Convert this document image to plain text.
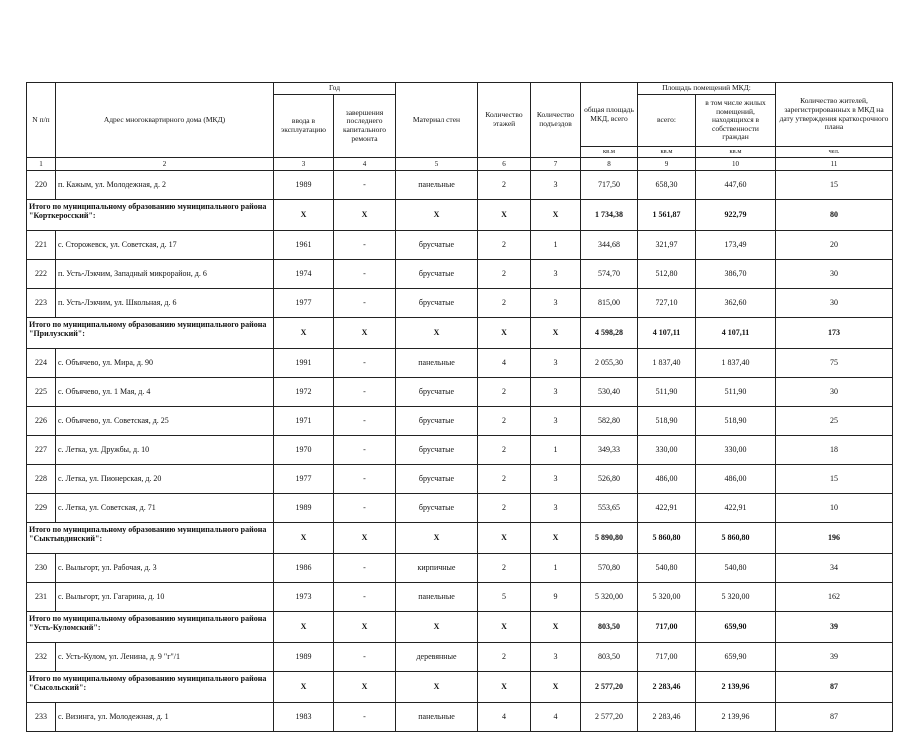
N п/п	Адрес многоквартирного дома (МКД)	Год		Материал стен	Количество этажей	Количество подъездов	общая площадь МКД, всего	Площадь помещений МКД:		Количество жителей, зарегистрированных в МКД на дату утверждения краткосрочного плана
		ввода в эксплуатацию	завершения последнего капитального ремонта					всего:	в том числе жилых помещений, находящихся в собственности граждан	
							кв.м	кв.м	кв.м	чел.
1	2	3	4	5	6	7	8	9	10	11
220	п. Кажым, ул. Молодежная, д. 2	1989	-	панельные	2	3	717,50	658,30	447,60	15
Итого по муниципальному образованию муниципального района "Корткеросский":		X	X	X	X	X	1 734,38	1 561,87	922,79	80
221	с. Сторожевск, ул. Советская, д. 17	1961	-	брусчатые	2	1	344,68	321,97	173,49	20
222	п. Усть-Лэкчим, Западный микрорайон, д. 6	1974	-	брусчатые	2	3	574,70	512,80	386,70	30
223	п. Усть-Лэкчим, ул. Школьная, д. 6	1977	-	брусчатые	2	3	815,00	727,10	362,60	30
Итого по муниципальному образованию муниципального района "Прилузский":		X	X	X	X	X	4 598,28	4 107,11	4 107,11	173
224	с. Объячево, ул. Мира, д. 90	1991	-	панельные	4	3	2 055,30	1 837,40	1 837,40	75
225	с. Объячево, ул. 1 Мая, д. 4	1972	-	брусчатые	2	3	530,40	511,90	511,90	30
226	с. Объячево, ул. Советская, д. 25	1971	-	брусчатые	2	3	582,80	518,90	518,90	25
227	с. Летка, ул. Дружбы, д. 10	1970	-	брусчатые	2	1	349,33	330,00	330,00	18
228	с. Летка, ул. Пионерская, д. 20	1977	-	брусчатые	2	3	526,80	486,00	486,00	15
229	с. Летка, ул. Советская, д. 71	1989	-	брусчатые	2	3	553,65	422,91	422,91	10
Итого по муниципальному образованию муниципального района "Сыктывдинский":		X	X	X	X	X	5 890,80	5 860,80	5 860,80	196
230	с. Выльгорт, ул. Рабочая, д. 3	1986	-	кирпичные	2	1	570,80	540,80	540,80	34
231	с. Выльгорт, ул. Гагарина, д. 10	1973	-	панельные	5	9	5 320,00	5 320,00	5 320,00	162
Итого по муниципальному образованию муниципального района "Усть-Куломский":		X	X	X	X	X	803,50	717,00	659,90	39
232	с. Усть-Кулом, ул. Ленина, д. 9 "г"/1	1989	-	деревянные	2	3	803,50	717,00	659,90	39
Итого по муниципальному образованию муниципального района "Сысольский":		X	X	X	X	X	2 577,20	2 283,46	2 139,96	87
233	с. Визинга, ул. Молодежная, д. 1	1983	-	панельные	4	4	2 577,20	2 283,46	2 139,96	87
